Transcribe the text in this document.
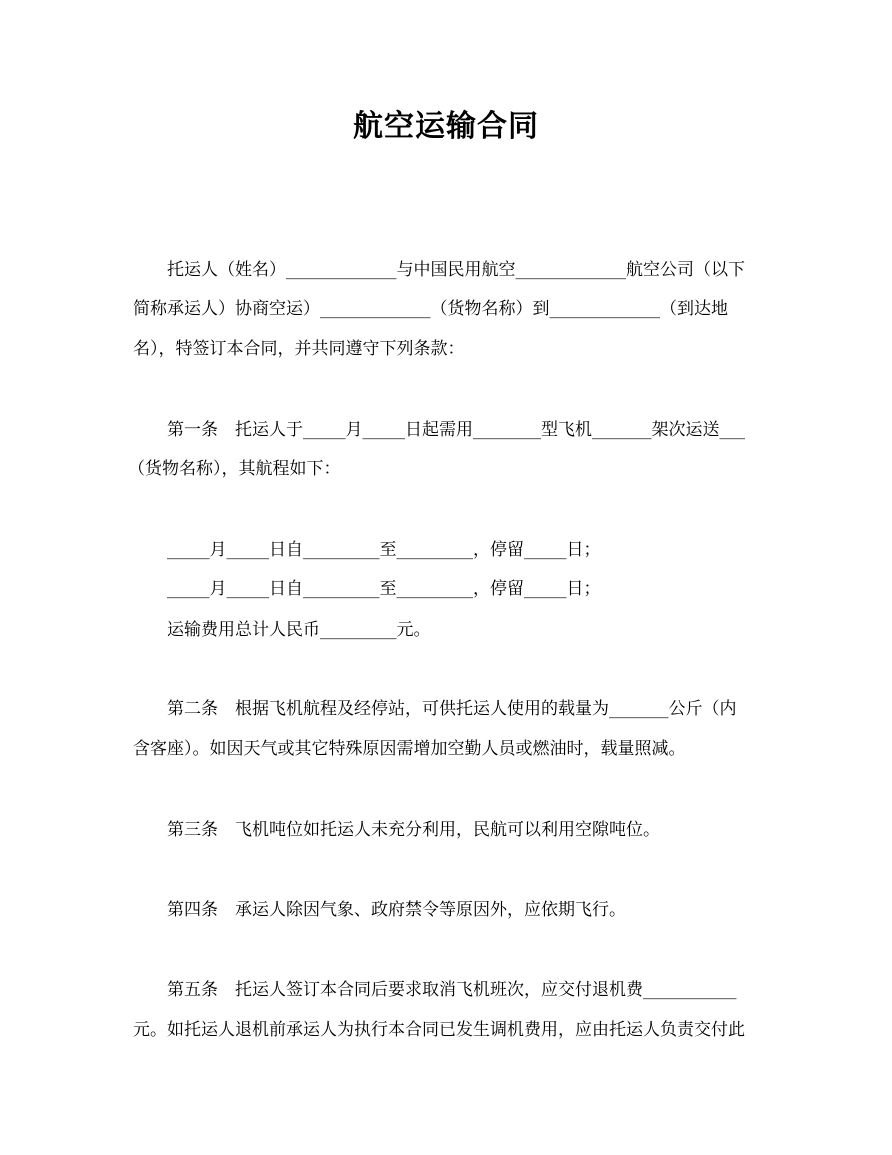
航空运输合同
托运人（姓名）_____________与中国民用航空_____________航空公司（以下
简称承运人）协商空运）_____________（货物名称）到_____________（到达地
名），特签订本合同，并共同遵守下列条款：
第一条　托运人于_____月_____日起需用________型飞机_______架次运送___
（货物名称），其航程如下：
_____月_____日自_________至_________，停留_____日；
_____月_____日自_________至_________，停留_____日；
运输费用总计人民币_________元。
第二条　根据飞机航程及经停站，可供托运人使用的载量为_______公斤（内
含客座）。如因天气或其它特殊原因需增加空勤人员或燃油时，载量照减。
第三条　飞机吨位如托运人未充分利用，民航可以利用空隙吨位。
第四条　承运人除因气象、政府禁令等原因外，应依期飞行。
第五条　托运人签订本合同后要求取消飞机班次，应交付退机费___________
元。如托运人退机前承运人为执行本合同已发生调机费用，应由托运人负责交付此
